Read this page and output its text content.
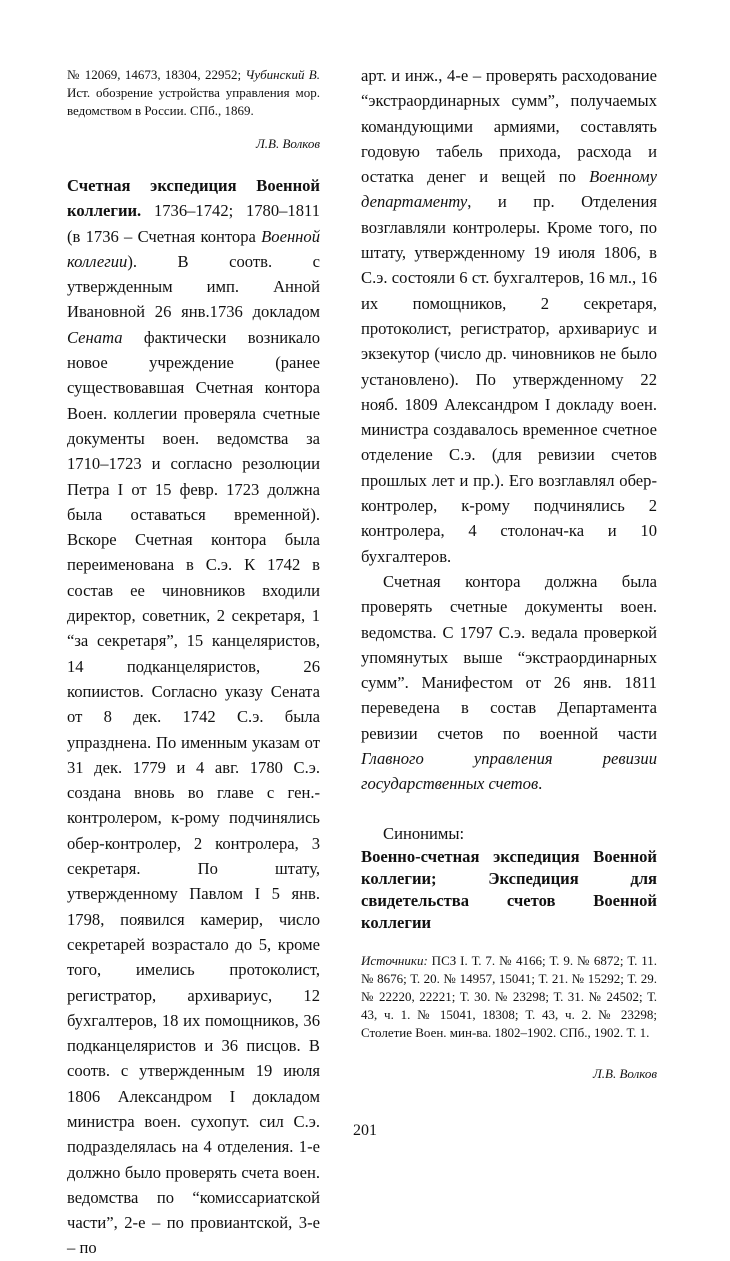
№ 12069, 14673, 18304, 22952; Чубинский В. Ист. обозрение устройства управления мор. ведомством в России. СПб., 1869.

Л.В. Волков

Счетная экспедиция Военной коллегии. 1736–1742; 1780–1811 (в 1736 – Счетная контора Военной коллегии). В соотв. с утвержденным имп. Анной Ивановной 26 янв.1736 докладом Сената фактически возникало новое учреждение (ранее существовавшая Счетная контора Воен. коллегии проверяла счетные документы воен. ведомства за 1710–1723 и согласно резолюции Петра I от 15 февр. 1723 должна была оставаться временной). Вскоре Счетная контора была переименована в С.э. К 1742 в состав ее чиновников входили директор, советник, 2 секретаря, 1 “за секретаря”, 15 канцеляристов, 14 подканцеляристов, 26 копиистов. Согласно указу Сената от 8 дек. 1742 С.э. была упразднена. По именным указам от 31 дек. 1779 и 4 авг. 1780 С.э. создана вновь во главе с ген.-контролером, к-рому подчинялись обер-контролер, 2 контролера, 3 секретаря. По штату, утвержденному Павлом I 5 янв. 1798, появился камерир, число секретарей возрастало до 5, кроме того, имелись протоколист, регистратор, архивариус, 12 бухгалтеров, 18 их помощников, 36 подканцеляристов и 36 писцов. В соотв. с утвержденным 19 июля 1806 Александром I докладом министра воен. сухопут. сил С.э. подразделялась на 4 отделения. 1-е должно было проверять счета воен. ведомства по “комиссариатской части”, 2-е – по провиантской, 3-е – по

арт. и инж., 4-е – проверять расходование “экстраординарных сумм”, получаемых командующими армиями, составлять годовую табель прихода, расхода и остатка денег и вещей по Военному департаменту, и пр. Отделения возглавляли контролеры. Кроме того, по штату, утвержденному 19 июля 1806, в С.э. состояли 6 ст. бухгалтеров, 16 мл., 16 их помощников, 2 секретаря, протоколист, регистратор, архивариус и экзекутор (число др. чиновников не было установлено). По утвержденному 22 нояб. 1809 Александром I докладу воен. министра создавалось временное счетное отделение С.э. (для ревизии счетов прошлых лет и пр.). Его возглавлял обер-контролер, к-рому подчинялись 2 контролера, 4 столонач-ка и 10 бухгалтеров.

Счетная контора должна была проверять счетные документы воен. ведомства. С 1797 С.э. ведала проверкой упомянутых выше “экстраординарных сумм”. Манифестом от 26 янв. 1811 переведена в состав Департамента ревизии счетов по военной части Главного управления ревизии государственных счетов.

Синонимы:

Военно-счетная экспедиция Военной коллегии; Экспедиция для свидетельства счетов Военной коллегии

Источники: ПСЗ I. Т. 7. № 4166; Т. 9. № 6872; Т. 11. № 8676; Т. 20. № 14957, 15041; Т. 21. № 15292; Т. 29. № 22220, 22221; Т. 30. № 23298; Т. 31. № 24502; Т. 43, ч. 1. № 15041, 18308; Т. 43, ч. 2. № 23298; Столетие Воен. мин-ва. 1802–1902. СПб., 1902. Т. 1.

Л.В. Волков

201
